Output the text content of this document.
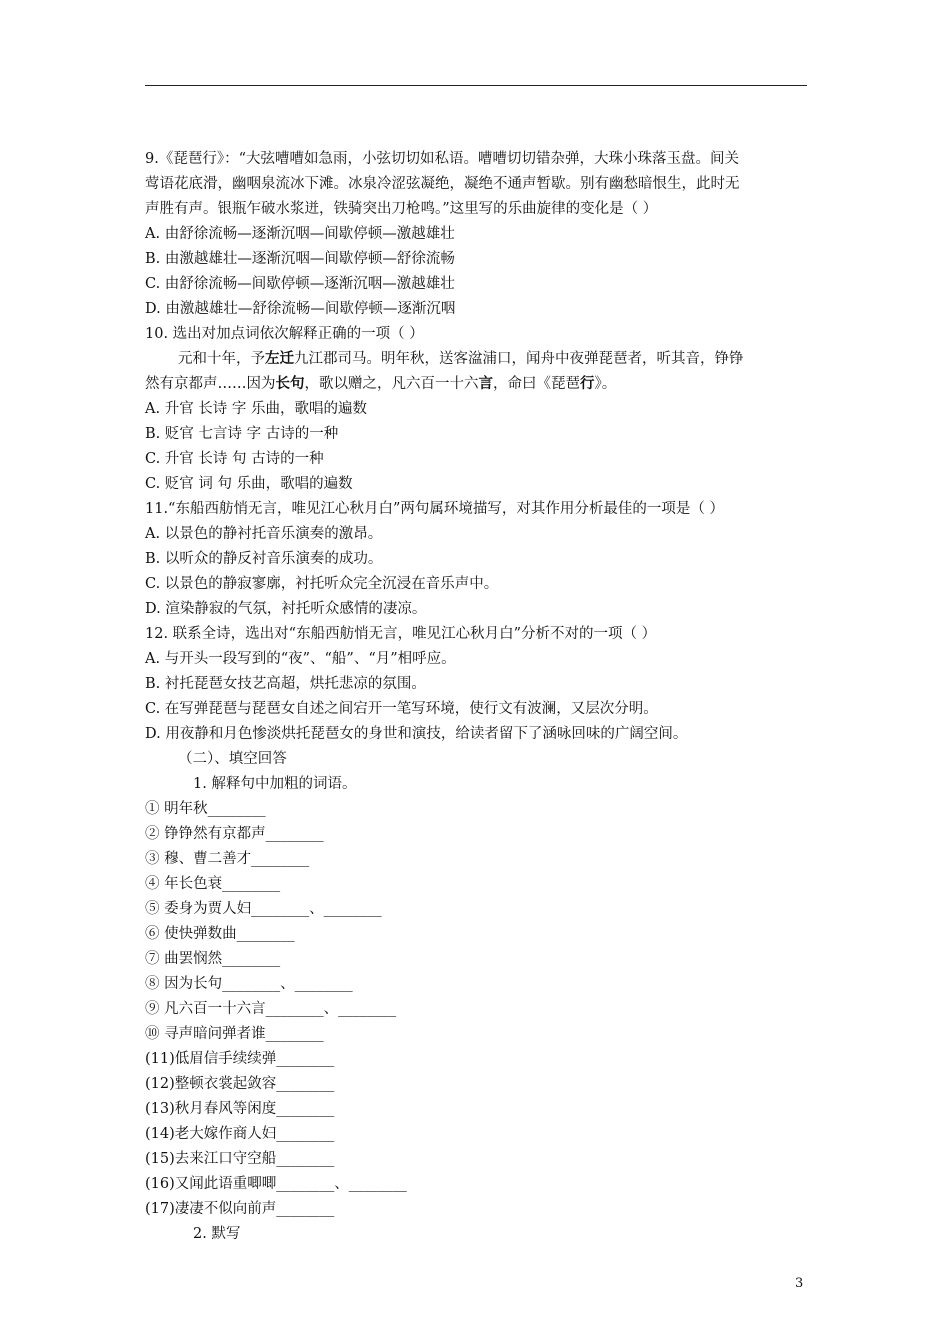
9.《琵琶行》：“大弦嘈嘈如急雨，小弦切切如私语。嘈嘈切切错杂弹，大珠小珠落玉盘。间关
莺语花底滑，幽咽泉流冰下滩。冰泉冷涩弦凝绝，凝绝不通声暂歇。别有幽愁暗恨生，此时无
声胜有声。银瓶乍破水浆迸，铁骑突出刀枪鸣。”这里写的乐曲旋律的变化是（ ）
A. 由舒徐流畅—逐渐沉咽—间歇停顿—激越雄壮
B. 由激越雄壮—逐渐沉咽—间歇停顿—舒徐流畅
C. 由舒徐流畅—间歇停顿—逐渐沉咽—激越雄壮
D. 由激越雄壮—舒徐流畅—间歇停顿—逐渐沉咽
10. 选出对加点词依次解释正确的一项（ ）
元和十年，予左迁九江郡司马。明年秋，送客湓浦口，闻舟中夜弹琵琶者，听其音，铮铮
然有京都声……因为长句，歌以赠之，凡六百一十六言，命曰《琵琶行》。
A. 升官 长诗 字 乐曲，歌唱的遍数
B. 贬官 七言诗 字 古诗的一种
C. 升官 长诗 句 古诗的一种
C. 贬官 词 句 乐曲，歌唱的遍数
11.“东船西舫悄无言，唯见江心秋月白”两句属环境描写，对其作用分析最佳的一项是（ ）
A. 以景色的静衬托音乐演奏的激昂。
B. 以听众的静反衬音乐演奏的成功。
C. 以景色的静寂寥廓，衬托听众完全沉浸在音乐声中。
D. 渲染静寂的气氛，衬托听众感情的凄凉。
12. 联系全诗，选出对“东船西舫悄无言，唯见江心秋月白”分析不对的一项（ ）
A. 与开头一段写到的“夜”、“船”、“月”相呼应。
B. 衬托琵琶女技艺高超，烘托悲凉的氛围。
C. 在写弹琵琶与琵琶女自述之间宕开一笔写环境，使行文有波澜，又层次分明。
D. 用夜静和月色惨淡烘托琵琶女的身世和演技，给读者留下了涵咏回味的广阔空间。
（二）、填空回答
1. 解释句中加粗的词语。
① 明年秋________
② 铮铮然有京都声________
③ 穆、曹二善才________
④ 年长色衰________
⑤ 委身为贾人妇________、________
⑥ 使快弹数曲________
⑦ 曲罢悯然________
⑧ 因为长句________、________
⑨ 凡六百一十六言________、________
⑩ 寻声暗问弹者谁________
(11)低眉信手续续弹________
(12)整顿衣裳起敛容________
(13)秋月春风等闲度________
(14)老大嫁作商人妇________
(15)去来江口守空船________
(16)又闻此语重唧唧________、________
(17)凄凄不似向前声________
2. 默写
3
